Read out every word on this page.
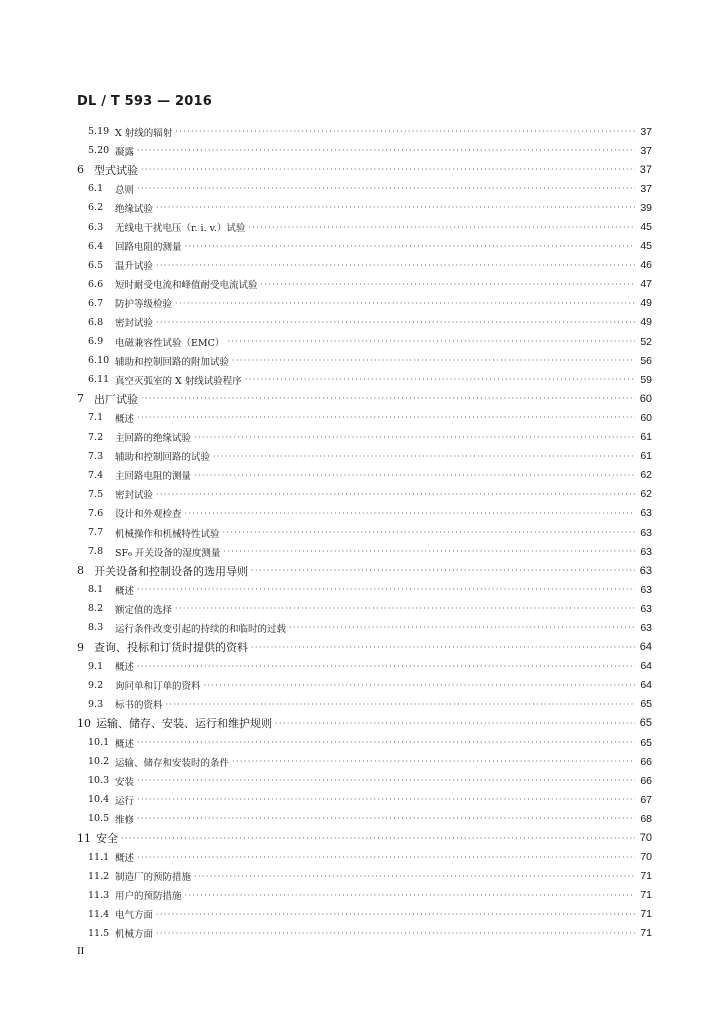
DL / T 593 — 2016
5.19 X 射线的辐射 ·····	37
5.20 凝露 ·····	37
6 型式试验 ·····	37
6.1 总则 ·····	37
6.2 绝缘试验 ·····	39
6.3 无线电干扰电压（r. i. v.）试验 ·····	45
6.4 回路电阻的测量 ·····	45
6.5 温升试验 ·····	46
6.6 短时耐受电流和峰值耐受电流试验 ·····	47
6.7 防护等级检验 ·····	49
6.8 密封试验 ·····	49
6.9 电磁兼容性试验（EMC） ·····	52
6.10 辅助和控制回路的附加试验 ·····	56
6.11 真空灭弧室的 X 射线试验程序 ·····	59
7 出厂试验 ·····	60
7.1 概述 ·····	60
7.2 主回路的绝缘试验 ·····	61
7.3 辅助和控制回路的试验 ·····	61
7.4 主回路电阻的测量 ·····	62
7.5 密封试验 ·····	62
7.6 设计和外观检查 ·····	63
7.7 机械操作和机械特性试验 ·····	63
7.8 SF₆ 开关设备的湿度测量 ·····	63
8 开关设备和控制设备的选用导则 ·····	63
8.1 概述 ·····	63
8.2 额定值的选择 ·····	63
8.3 运行条件改变引起的持续的和临时的过载 ·····	63
9 查询、投标和订货时提供的资料 ·····	64
9.1 概述 ·····	64
9.2 询问单和订单的资料 ·····	64
9.3 标书的资料 ·····	65
10 运输、储存、安装、运行和维护规则 ·····	65
10.1 概述 ·····	65
10.2 运输、储存和安装时的条件 ·····	66
10.3 安装 ·····	66
10.4 运行 ·····	67
10.5 维修 ·····	68
11 安全 ·····	70
11.1 概述 ·····	70
11.2 制造厂的预防措施 ·····	71
11.3 用户的预防措施 ·····	71
11.4 电气方面 ·····	71
11.5 机械方面 ·····	71
II
